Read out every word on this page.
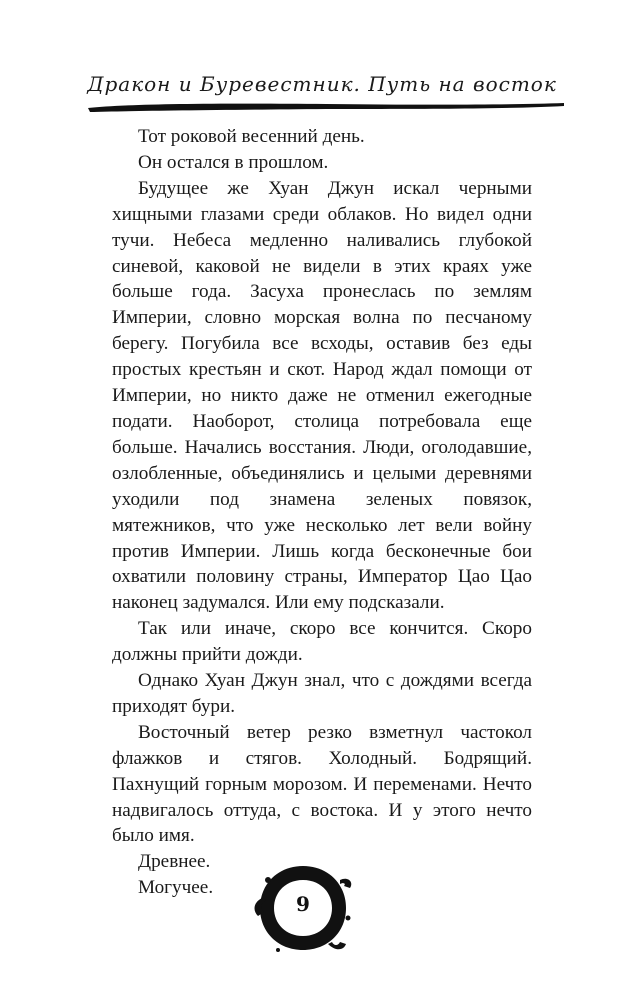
Дракон и Буревестник. Путь на восток

Тот роковой весенний день.

Он остался в прошлом.

Будущее же Хуан Джун искал черными хищными глазами среди облаков. Но видел одни тучи. Небеса медленно наливались глубокой синевой, каковой не видели в этих краях уже больше года. Засуха пронеслась по землям Империи, словно морская волна по песчаному берегу. Погубила все всходы, оставив без еды простых крестьян и скот. Народ ждал помощи от Империи, но никто даже не отменил ежегодные подати. Наоборот, столица потребовала еще больше. Начались восстания. Люди, оголодавшие, озлобленные, объединялись и целыми деревнями уходили под знамена зеленых повязок, мятежников, что уже несколько лет вели войну против Империи. Лишь когда бесконечные бои охватили половину страны, Император Цао Цао наконец задумался. Или ему подсказали.

Так или иначе, скоро все кончится. Скоро должны прийти дожди.

Однако Хуан Джун знал, что с дождями всегда приходят бури.

Восточный ветер резко взметнул частокол флажков и стягов. Холодный. Бодрящий. Пахнущий горным морозом. И переменами. Нечто надвигалось оттуда, с востока. И у этого нечто было имя.

Древнее.

Могучее.

9
